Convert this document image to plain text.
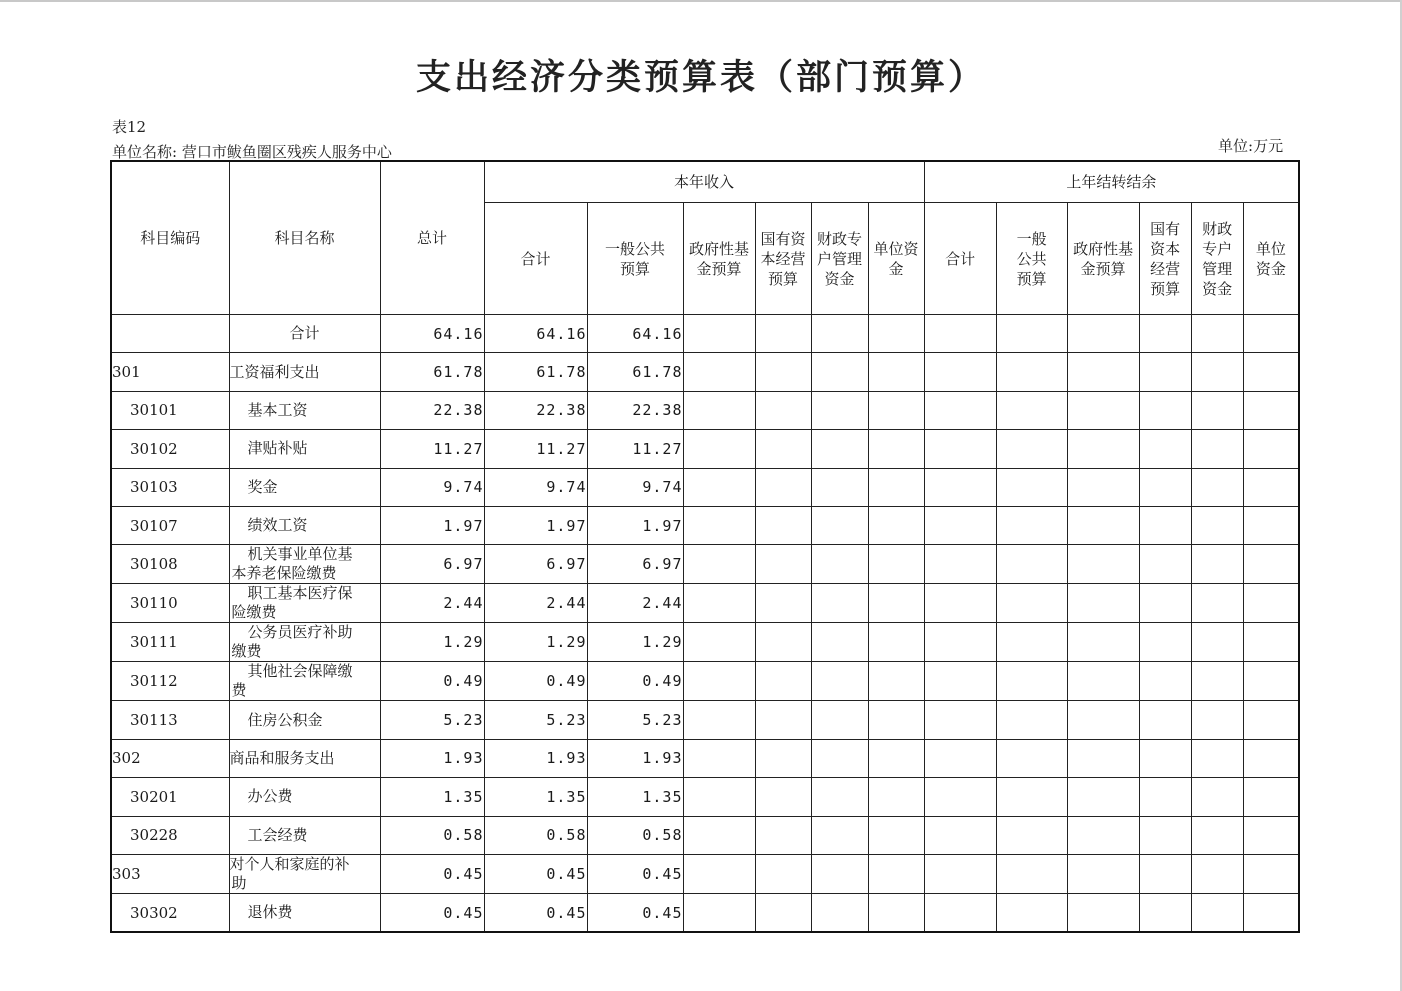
支出经济分类预算表（部门预算）
表12
单位名称: 营口市鲅鱼圈区残疾人服务中心	单位:万元
科目编码	科目名称	总计	本年收入						上年结转结余					
			合计	一般公共预算	政府性基金预算	国有资本经营预算	财政专户管理资金	单位资金	合计	一般公共预算	政府性基金预算	国有资本经营预算	财政专户管理资金	单位资金
	合计	64.16	64.16	64.16										
301	工资福利支出	61.78	61.78	61.78										
30101	基本工资	22.38	22.38	22.38										
30102	津贴补贴	11.27	11.27	11.27										
30103	奖金	9.74	9.74	9.74										
30107	绩效工资	1.97	1.97	1.97										
30108	机关事业单位基
本养老保险缴费	6.97	6.97	6.97										
30110	职工基本医疗保
险缴费	2.44	2.44	2.44										
30111	公务员医疗补助
缴费	1.29	1.29	1.29										
30112	其他社会保障缴
费	0.49	0.49	0.49										
30113	住房公积金	5.23	5.23	5.23										
302	商品和服务支出	1.93	1.93	1.93										
30201	办公费	1.35	1.35	1.35										
30228	工会经费	0.58	0.58	0.58										
303	对个人和家庭的补
助	0.45	0.45	0.45										
30302	退休费	0.45	0.45	0.45										
